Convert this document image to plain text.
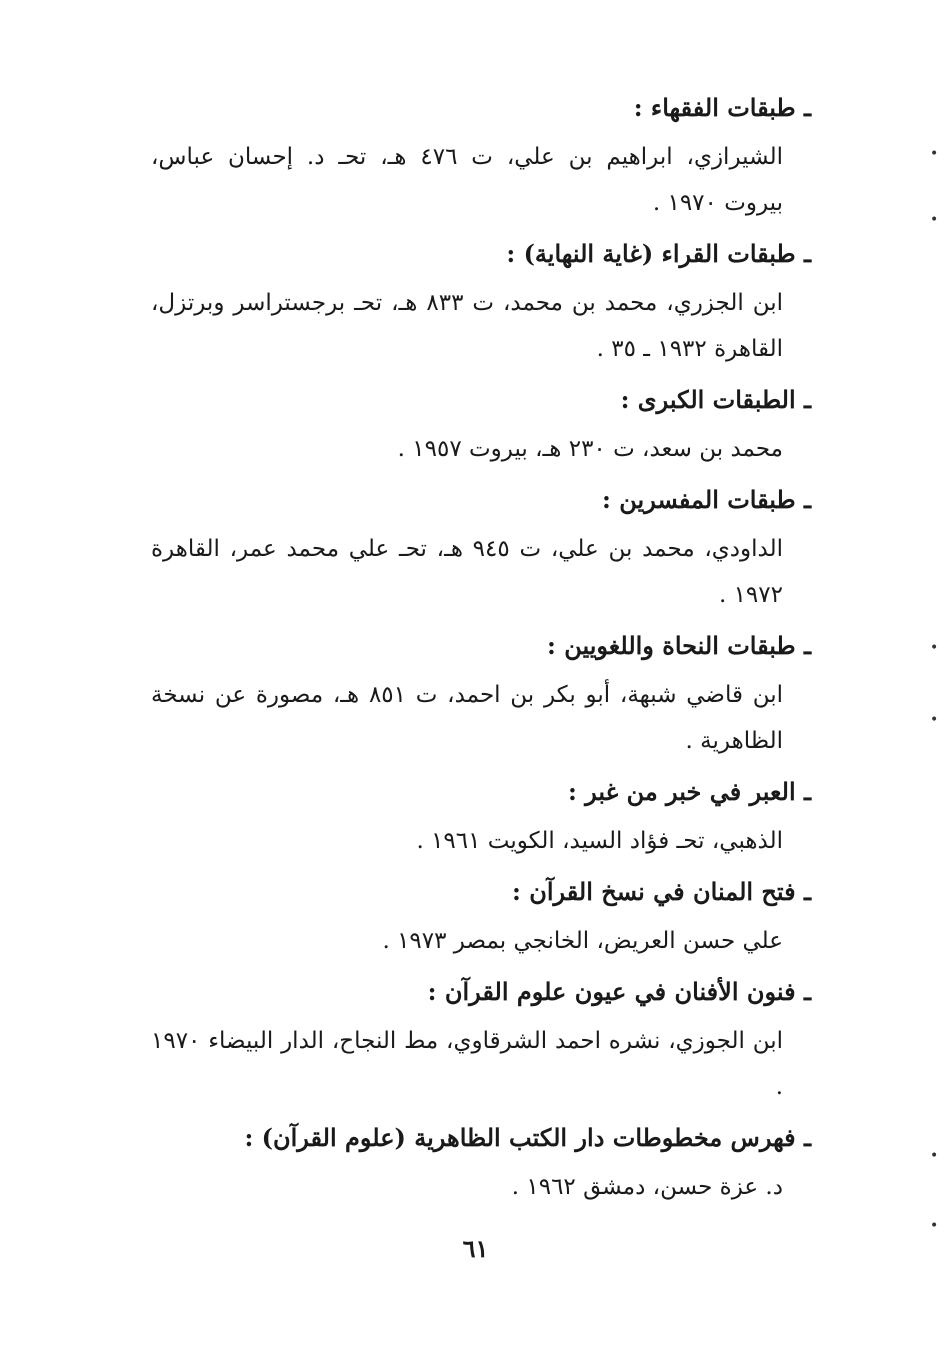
ـ طبقات الفقهاء :
الشيرازي، ابراهيم بن علي، ت ٤٧٦ هـ، تحـ د. إحسان عباس، بيروت ١٩٧٠ .
ـ طبقات القراء (غاية النهاية) :
ابن الجزري، محمد بن محمد، ت ٨٣٣ هـ، تحـ برجستراسر وبرتزل، القاهرة ١٩٣٢ ـ ٣٥ .
ـ الطبقات الكبرى :
محمد بن سعد، ت ٢٣٠ هـ، بيروت ١٩٥٧ .
ـ طبقات المفسرين :
الداودي، محمد بن علي، ت ٩٤٥ هـ، تحـ علي محمد عمر، القاهرة ١٩٧٢ .
ـ طبقات النحاة واللغويين :
ابن قاضي شبهة، أبو بكر بن احمد، ت ٨٥١ هـ، مصورة عن نسخة الظاهرية .
ـ العبر في خبر من غبر :
الذهبي، تحـ فؤاد السيد، الكويت ١٩٦١ .
ـ فتح المنان في نسخ القرآن :
علي حسن العريض، الخانجي بمصر ١٩٧٣ .
ـ فنون الأفنان في عيون علوم القرآن :
ابن الجوزي، نشره احمد الشرقاوي، مط النجاح، الدار البيضاء ١٩٧٠ .
ـ فهرس مخطوطات دار الكتب الظاهرية (علوم القرآن) :
د. عزة حسن، دمشق ١٩٦٢ .
٦١
•
•
•
•
•
•
